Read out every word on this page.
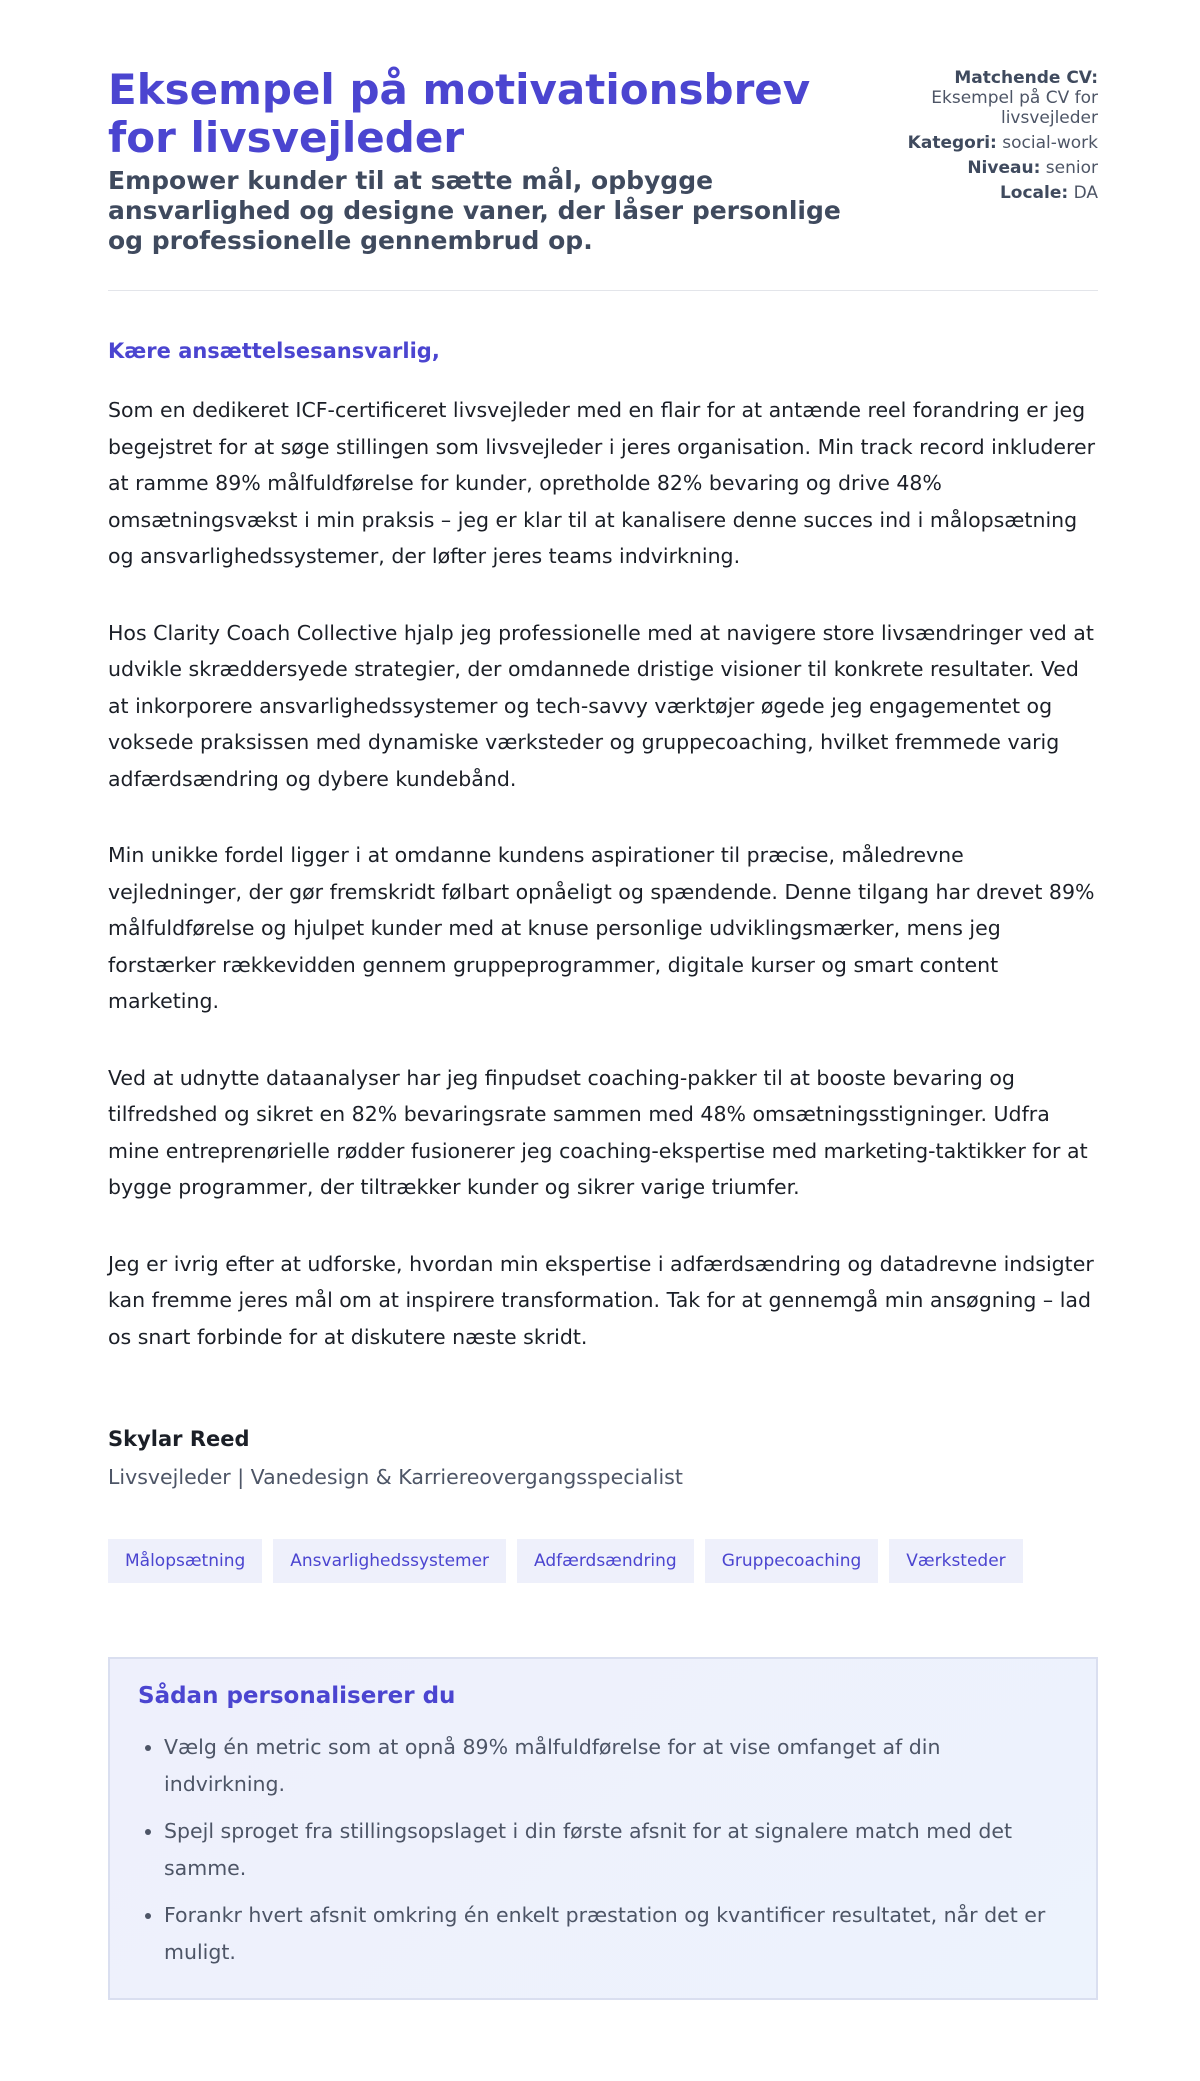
Eksempel på motivationsbrev for livsvejleder
Empower kunder til at sætte mål, opbygge ansvarlighed og designe vaner, der låser personlige og professionelle gennembrud op.
Matchende CV: Eksempel på CV for livsvejleder
Kategori: social-work
Niveau: senior
Locale: DA
Kære ansættelsesansvarlig,

Som en dedikeret ICF-certificeret livsvejleder med en flair for at antænde reel forandring er jeg begejstret for at søge stillingen som livsvejleder i jeres organisation. Min track record inkluderer at ramme 89% målfuldførelse for kunder, opretholde 82% bevaring og drive 48% omsætningsvækst i min praksis – jeg er klar til at kanalisere denne succes ind i målopsætning og ansvarlighedssystemer, der løfter jeres teams indvirkning.

Hos Clarity Coach Collective hjalp jeg professionelle med at navigere store livsændringer ved at udvikle skræddersyede strategier, der omdannede dristige visioner til konkrete resultater. Ved at inkorporere ansvarlighedssystemer og tech-savvy værktøjer øgede jeg engagementet og voksede praksissen med dynamiske værksteder og gruppecoaching, hvilket fremmede varig adfærdsændring og dybere kundebånd.

Min unikke fordel ligger i at omdanne kundens aspirationer til præcise, måledrevne vejledninger, der gør fremskridt følbart opnåeligt og spændende. Denne tilgang har drevet 89% målfuldførelse og hjulpet kunder med at knuse personlige udviklingsmærker, mens jeg forstærker rækkevidden gennem gruppeprogrammer, digitale kurser og smart content marketing.

Ved at udnytte dataanalyser har jeg finpudset coaching-pakker til at booste bevaring og tilfredshed og sikret en 82% bevaringsrate sammen med 48% omsætningsstigninger. Udfra mine entreprenørielle rødder fusionerer jeg coaching-ekspertise med marketing-taktikker for at bygge programmer, der tiltrækker kunder og sikrer varige triumfer.

Jeg er ivrig efter at udforske, hvordan min ekspertise i adfærdsændring og datadrevne indsigter kan fremme jeres mål om at inspirere transformation. Tak for at gennemgå min ansøgning – lad os snart forbinde for at diskutere næste skridt.

Skylar Reed
Livsvejleder | Vanedesign & Karriereovergangsspecialist
Målopsætning	Ansvarlighedssystemer	Adfærdsændring	Gruppecoaching	Værksteder
Sådan personaliserer du
• Vælg én metric som at opnå 89% målfuldførelse for at vise omfanget af din indvirkning.
• Spejl sproget fra stillingsopslaget i din første afsnit for at signalere match med det samme.
• Forankr hvert afsnit omkring én enkelt præstation og kvantificer resultatet, når det er muligt.
